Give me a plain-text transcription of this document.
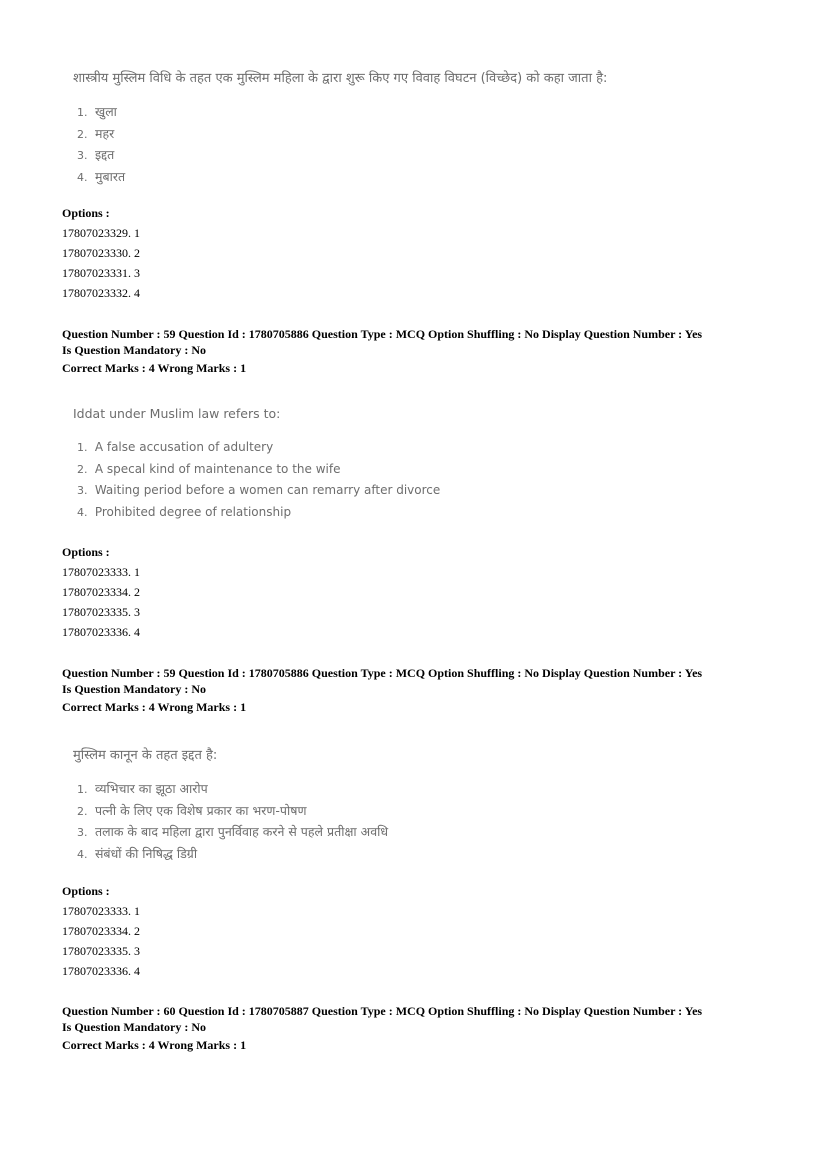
शास्त्रीय मुस्लिम विधि के तहत एक मुस्लिम महिला के द्वारा शुरू किए गए विवाह विघटन (विच्छेद) को कहा जाता है:
1. खुला
2. महर
3. इद्दत
4. मुबारत
Options :
17807023329. 1
17807023330. 2
17807023331. 3
17807023332. 4
Question Number : 59 Question Id : 1780705886 Question Type : MCQ Option Shuffling : No Display Question Number : Yes
Is Question Mandatory : No
Correct Marks : 4 Wrong Marks : 1
Iddat under Muslim law refers to:
1. A false accusation of adultery
2. A specal kind of maintenance to the wife
3. Waiting period before a women can remarry after divorce
4. Prohibited degree of relationship
Options :
17807023333. 1
17807023334. 2
17807023335. 3
17807023336. 4
Question Number : 59 Question Id : 1780705886 Question Type : MCQ Option Shuffling : No Display Question Number : Yes
Is Question Mandatory : No
Correct Marks : 4 Wrong Marks : 1
मुस्लिम कानून के तहत इद्दत है:
1. व्यभिचार का झूठा आरोप
2. पत्नी के लिए एक विशेष प्रकार का भरण-पोषण
3. तलाक के बाद महिला द्वारा पुनर्विवाह करने से पहले प्रतीक्षा अवधि
4. संबंधों की निषिद्ध डिग्री
Options :
17807023333. 1
17807023334. 2
17807023335. 3
17807023336. 4
Question Number : 60 Question Id : 1780705887 Question Type : MCQ Option Shuffling : No Display Question Number : Yes
Is Question Mandatory : No
Correct Marks : 4 Wrong Marks : 1
